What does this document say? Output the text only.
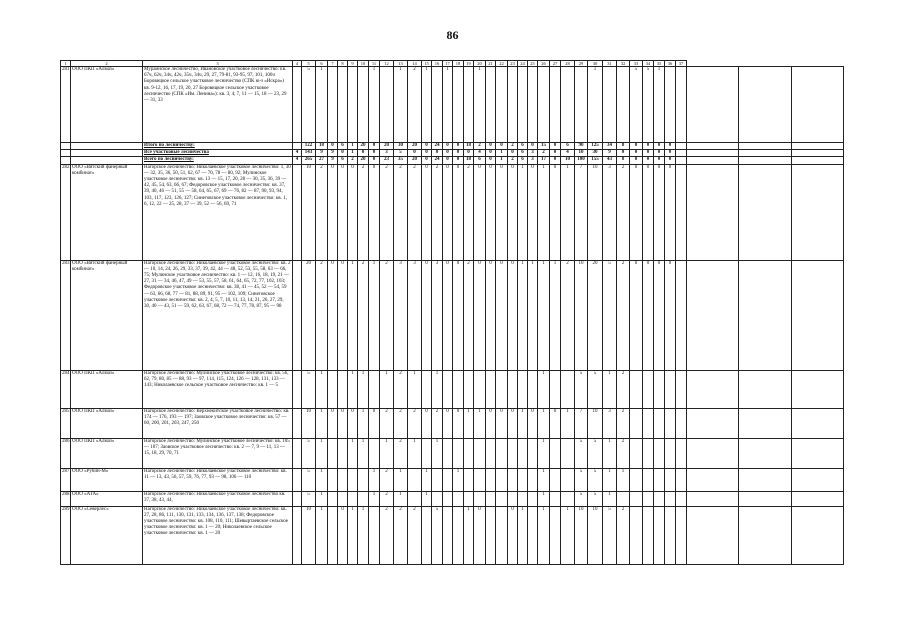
86
1	2	3	4	5	6	7	8	9	10	11	12	13	14	15	16	17	18	19	20	21	22	23	24	25	26	27	28	29	30	31	32	33	34	35	36	37			
281	ООО ПКП «Алмаз»	Мураинское лесничество, Ивановское участковое лесничество: кв. 67ч, 62ч, 34ч, 42ч, 35ч, 34ч, 29, 27, 79-81, 93-95, 97, 101, 106ч Боровицкое сельское участковое лесничество (СПК ю-з «Искра») кв. 9-12, 16, 17, 19, 20, 27 Боровицкое сельское участковое лесничество (СПК «Им. Ленина»): кв. 3, 4, 7, 11 — 15, 18 — 23, 29 — 31, 33		5	1					1		1	2	1		1			1										1			5	5	1					
		Итого по лесничеству:		122	18	0	6	1	20	0	20	30	20	0	24	0	0	18	2	0	0	2	6	0	15	0	6	90	125	34	8	0	0	0	0				
		Все участковые лесничества	4	143	9	9	0	1	0	0	3	5	0	0	0	0	0	0	4	0	1	0	6	3	2	0	4	10	30	9	0	0	0	0	0				
		Всего по лесничеству:	4	265	27	9	6	2	20	0	23	35	20	0	24	0	0	18	6	0	1	2	6	3	17	0	10	100	155	43	8	0	0	0	0				
282	ООО «Вятский фанерный комбинат»	Нагорское лесничество: Николаевское участковое лесничество: 1, 30 — 32, 35, 36, 50, 51, 62, 67 — 70, 78 — 80, 92; Мулинское участковое лесничество: кв. 13 — 15, 17, 20, 28 — 30, 35, 36, 39 — 42, 45, 54, 63, 66, 67; Федоровское участковое лесничество: кв. 37, 39, 40, 46 — 51, 55 — 58, 64, 65, 67, 69 — 76, 82 — 87, 90, 93, 94, 103, 117, 123, 126, 127; Синеговское участковое лесничество: кв. 1, 6, 12, 22 — 25, 28, 37 — 39, 52 — 56, 69, 71		10	2	0	0	0	2	0	2	2	2	0	2	0	0	2	0	0	0	0	1	0	1	0	1	7	10	3	2	0	0	0	0				
283	ООО «Вятский фанерный комбинат»	Нагорское лесничество: Николаевское участковое лесничество: кв. 2 — 10, 14, 24, 26, 29, 33, 37, 39, 42, 44 — 48, 52, 53, 55, 58, 63 — 66, 75; Мулинское участковое лесничество: кв. 1 — 12, 16, 18, 19, 21 — 27, 31 — 34, 46, 47, 49 — 53, 55, 57, 58, 61, 64, 65, 72, 77, 102, 103; Федоровское участковое лесничество: кв. 38, 41 — 45, 52 — 54, 59 — 63, 66, 68, 77 — 81, 88, 89, 91, 95 — 102, 109; Синеговское участковое лесничество: кв. 2, 4, 5, 7, 10, 11, 13, 14, 21, 26, 27, 29, 30, 40 — 43, 51 — 59, 62, 63, 67, 68, 72 — 74, 77, 78, 87, 95 — 98		20	2	0	0	1	2	1	2	3	3	0	3	0	0	2	0	0	0	0	1	1	1	1	2	10	20	5	2	0	0	0	0				
284	ООО ПКП «Алмаз»	Нагорское лесничество: Мулинское участковое лесничество: кв. 56, 62, 79, 80, 85 — 88, 93 — 97, 114, 115, 124, 126 — 128, 131, 133 — 143; Николаевское сельское участковое лесничество: кв. 1 — 5		5	1			1	1		1	2	1		1										1			5	5	1	2								
285	ООО ПКП «Алмаз»	Нагорское лесничество: Верхнекитское участковое лесничество: кв. 174 — 176, 193 — 197; Заовское участковое лесничество: кв. 57 — 60, 200, 201, 203, 247, 250		10	1	0	0	0	1	0	2	2	2	0	2	0	0	1	1	0	0	0	1	0	1	0	1	7	10	3	2								
286	ООО ПКП «Алмаз»	Нагорское лесничество: Мулинское участковое лесничество: кв. 105 — 107; Заовское участковое лесничество: кв. 2 — 7, 9 — 11, 13 — 15, 18, 29, 70, 71		5	1			1	1		1	2	1		1										1			5	5	1	2								
287	ООО «Рубин-М»	Нагорское лесничество: Николаевское участковое лесничество: кв. 11 — 13, 43, 56, 57, 59, 76, 77, 93 — 98, 106 — 110		5	1					1	2	1		1			1								1			5	5	1	1								
288	ООО «АТА»	Нагорское лесничество: Николаевское участковое лесничество кв. 37, 38, 43, 44,		5	1					1	2	1		1											1			5	5	1									
289	ООО «Северлес»	Нагорское лесничество: Николаевское участковое лесничество: кв. 27, 28, 86, 111, 130, 131, 133, 134, 136, 137, 138; Федоровское участковое лесничество: кв. 108, 110, 111; Шевыртаевское сельское участковое лесничество: кв. 1 — 20; Николаевское сельское участковое лесничество: кв. 1 — 20		10	1		0	1	1		2	2	2		5			1	0			0	1		1		1	10	10	5	2								
